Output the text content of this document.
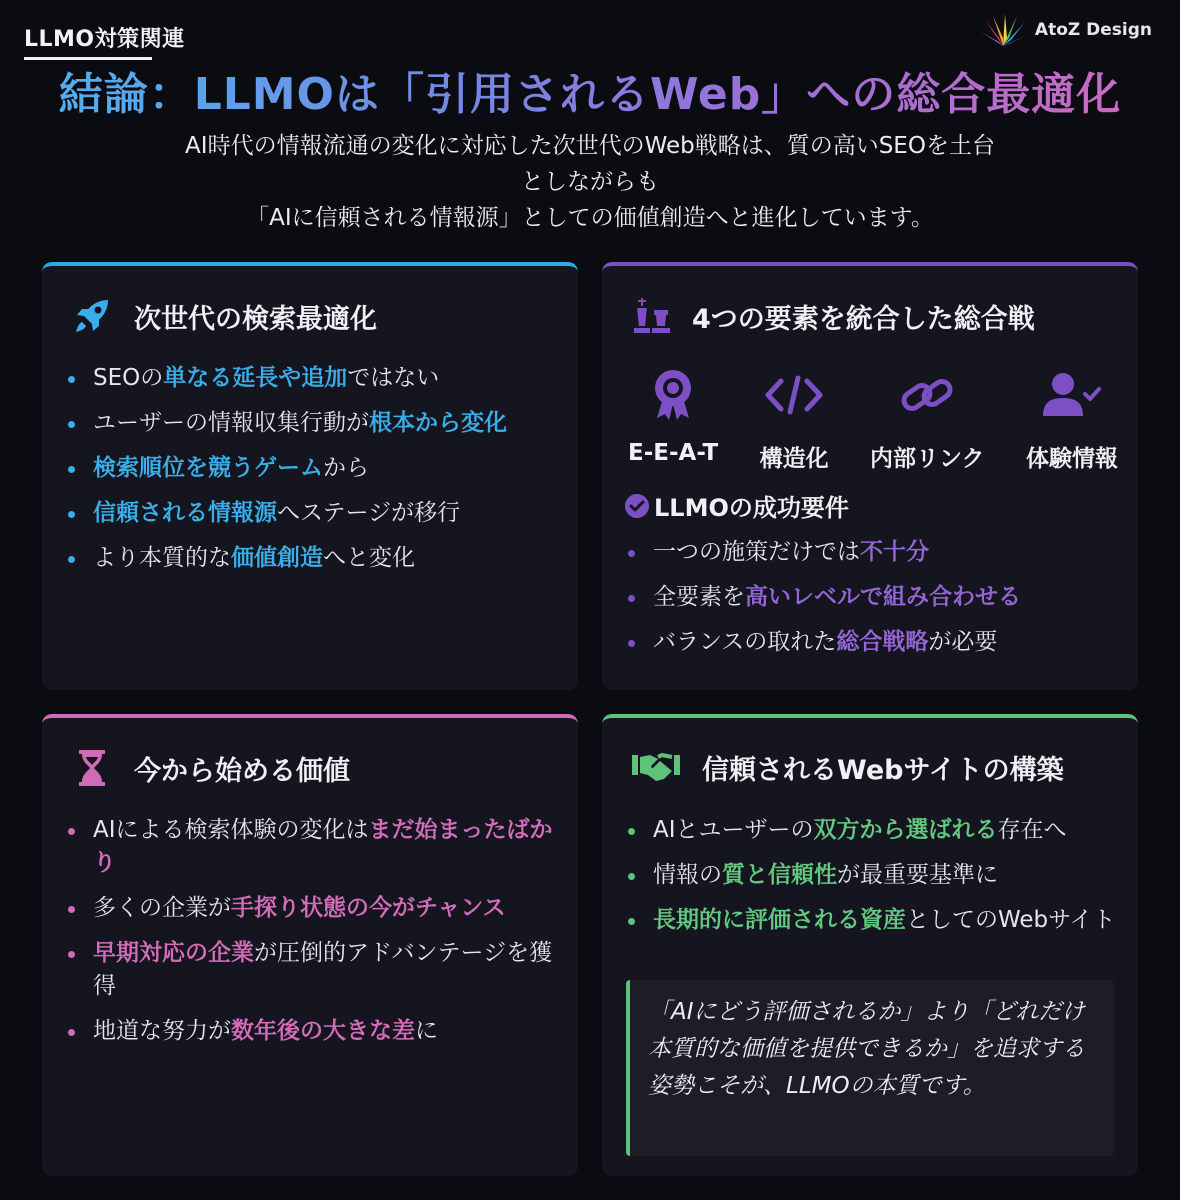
LLMO対策関連	AtoZ Design
結論：LLMOは「引用されるWeb」への総合最適化
AI時代の情報流通の変化に対応した次世代のWeb戦略は、質の高いSEOを土台
としながらも
「AIに信頼される情報源」としての価値創造へと進化しています。
次世代の検索最適化
SEOの単なる延長や追加ではない
ユーザーの情報収集行動が根本から変化
検索順位を競うゲームから
信頼される情報源へステージが移行
より本質的な価値創造へと変化
4つの要素を統合した総合戦
E-E-A-T 構造化 内部リンク 体験情報
LLMOの成功要件
一つの施策だけでは不十分
全要素を高いレベルで組み合わせる
バランスの取れた総合戦略が必要
今から始める価値
AIによる検索体験の変化はまだ始まったばかり
多くの企業が手探り状態の今がチャンス
早期対応の企業が圧倒的アドバンテージを獲得
地道な努力が数年後の大きな差に
信頼されるWebサイトの構築
AIとユーザーの双方から選ばれる存在へ
情報の質と信頼性が最重要基準に
長期的に評価される資産としてのWebサイト
「AIにどう評価されるか」より「どれだけ本質的な価値を提供できるか」を追求する姿勢こそが、LLMOの本質です。
